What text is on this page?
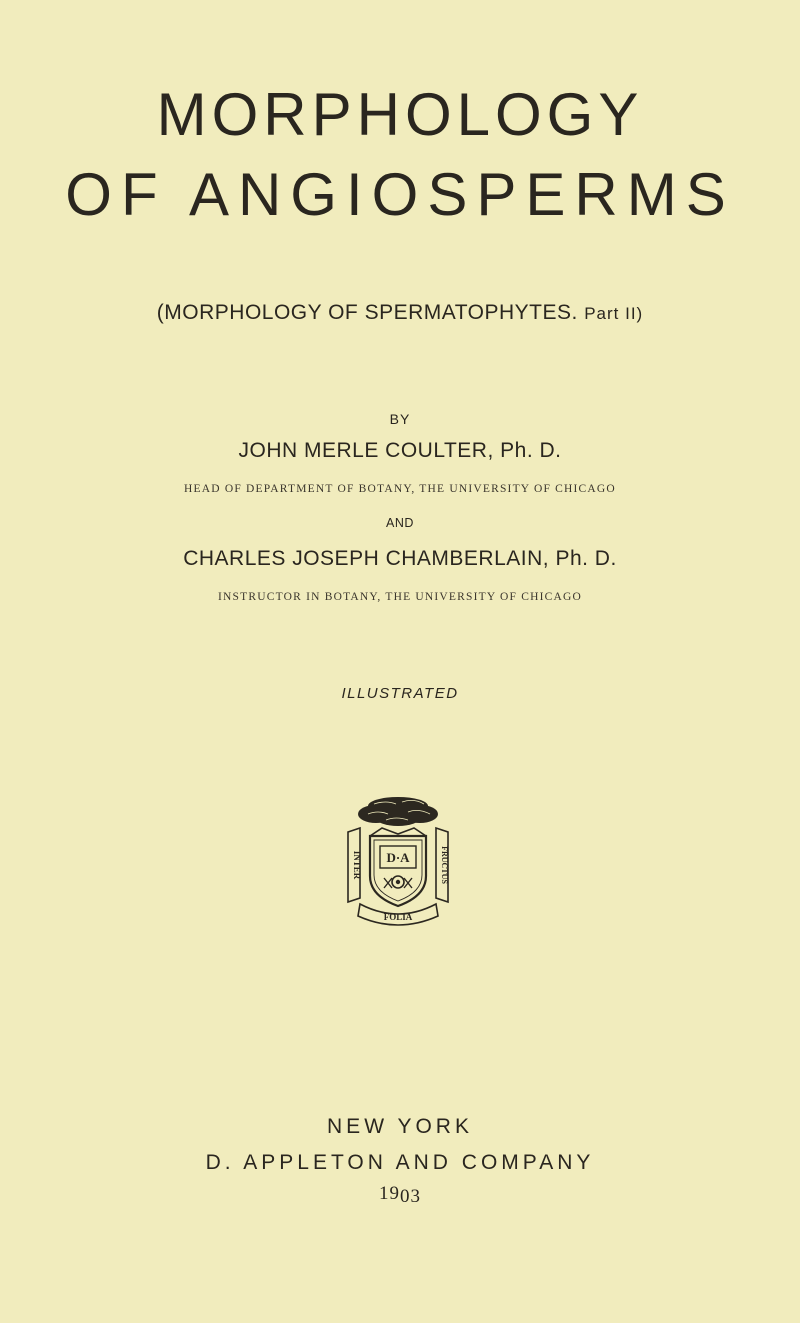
MORPHOLOGY
OF ANGIOSPERMS
(MORPHOLOGY OF SPERMATOPHYTES. Part II)
BY
JOHN MERLE COULTER, Ph. D.
HEAD OF DEPARTMENT OF BOTANY, THE UNIVERSITY OF CHICAGO
AND
CHARLES JOSEPH CHAMBERLAIN, Ph. D.
INSTRUCTOR IN BOTANY, THE UNIVERSITY OF CHICAGO
ILLUSTRATED
INTER	FRUCTUS
D·A
FOLIA
NEW YORK
D. APPLETON AND COMPANY
1903
